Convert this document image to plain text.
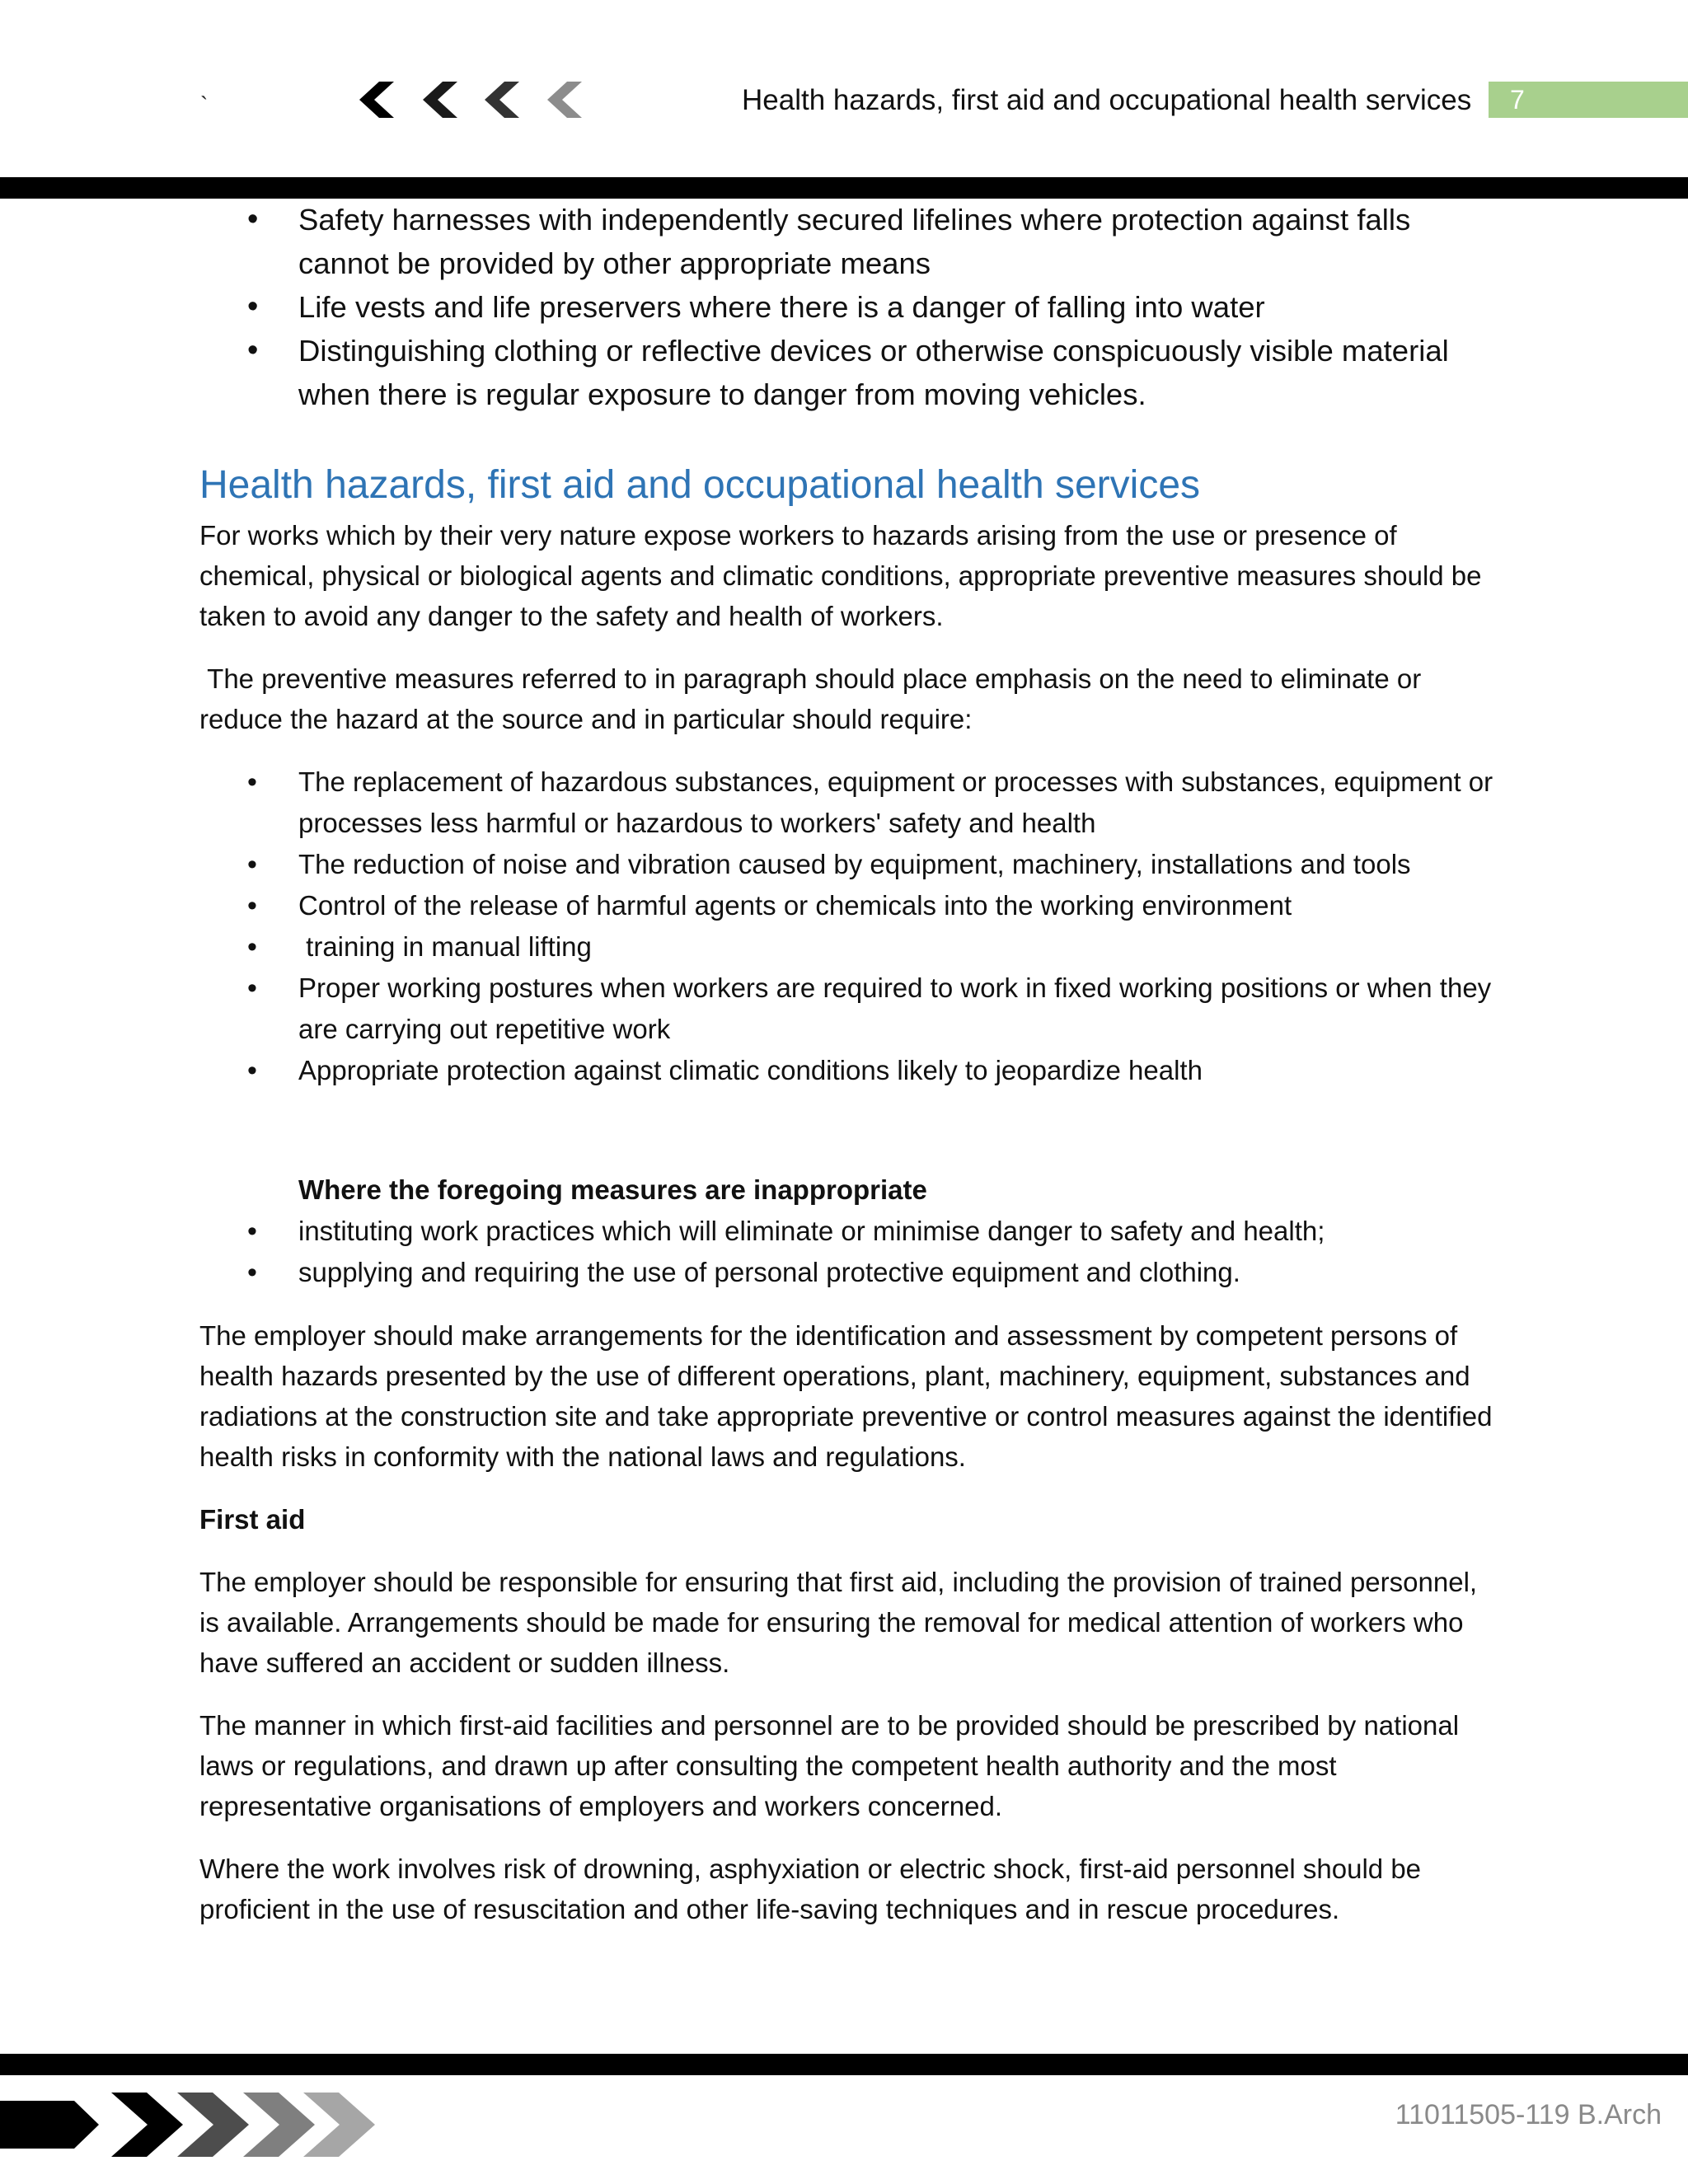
`	Health hazards, first aid and occupational health services 7
• Safety harnesses with independently secured lifelines where protection against falls cannot be provided by other appropriate means
• Life vests and life preservers where there is a danger of falling into water
• Distinguishing clothing or reflective devices or otherwise conspicuously visible material when there is regular exposure to danger from moving vehicles.
Health hazards, first aid and occupational health services

For works which by their very nature expose workers to hazards arising from the use or presence of chemical, physical or biological agents and climatic conditions, appropriate preventive measures should be taken to avoid any danger to the safety and health of workers.

The preventive measures referred to in paragraph should place emphasis on the need to eliminate or reduce the hazard at the source and in particular should require:

• The replacement of hazardous substances, equipment or processes with substances, equipment or processes less harmful or hazardous to workers' safety and health
• The reduction of noise and vibration caused by equipment, machinery, installations and tools
• Control of the release of harmful agents or chemicals into the working environment
•  training in manual lifting
• Proper working postures when workers are required to work in fixed working positions or when they are carrying out repetitive work
• Appropriate protection against climatic conditions likely to jeopardize health
Where the foregoing measures are inappropriate
• instituting work practices which will eliminate or minimise danger to safety and health;
• supplying and requiring the use of personal protective equipment and clothing.

The employer should make arrangements for the identification and assessment by competent persons of health hazards presented by the use of different operations, plant, machinery, equipment, substances and radiations at the construction site and take appropriate preventive or control measures against the identified health risks in conformity with the national laws and regulations.

First aid

The employer should be responsible for ensuring that first aid, including the provision of trained personnel, is available. Arrangements should be made for ensuring the removal for medical attention of workers who have suffered an accident or sudden illness.

The manner in which first-aid facilities and personnel are to be provided should be prescribed by national laws or regulations, and drawn up after consulting the competent health authority and the most representative organisations of employers and workers concerned.

Where the work involves risk of drowning, asphyxiation or electric shock, first-aid personnel should be proficient in the use of resuscitation and other life-saving techniques and in rescue procedures.

11011505-119 B.Arch
